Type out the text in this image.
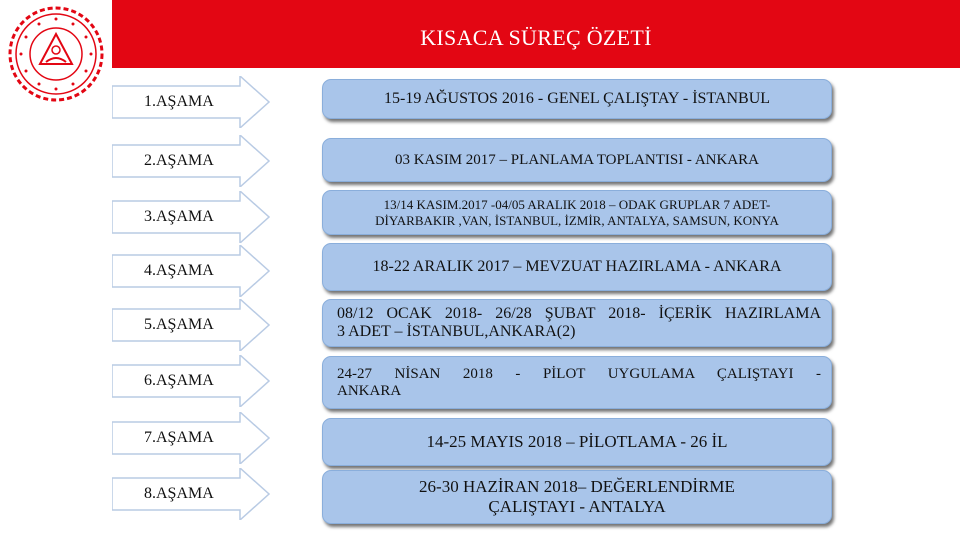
KISACA SÜREÇ ÖZETİ
1.AŞAMA	15-19 AĞUSTOS 2016 - GENEL ÇALIŞTAY - İSTANBUL
2.AŞAMA	03 KASIM 2017 – PLANLAMA TOPLANTISI - ANKARA
3.AŞAMA
13/14 KASIM.2017 -04/05 ARALIK 2018 – ODAK GRUPLAR 7 ADET-
DİYARBAKIR ,VAN, İSTANBUL, İZMİR, ANTALYA, SAMSUN, KONYA
4.AŞAMA	18-22 ARALIK 2017 – MEVZUAT HAZIRLAMA - ANKARA
5.AŞAMA
08/12 OCAK 2018- 26/28 ŞUBAT 2018- İÇERİK HAZIRLAMA
3 ADET – İSTANBUL,ANKARA(2)
6.AŞAMA	24-27 NİSAN 2018 - PİLOT UYGULAMA ÇALIŞTAYI -
ANKARA
7.AŞAMA	14-25 MAYIS 2018 – PİLOTLAMA - 26 İL
8.AŞAMA	26-30 HAZİRAN 2018– DEĞERLENDİRME
ÇALIŞTAYI - ANTALYA
